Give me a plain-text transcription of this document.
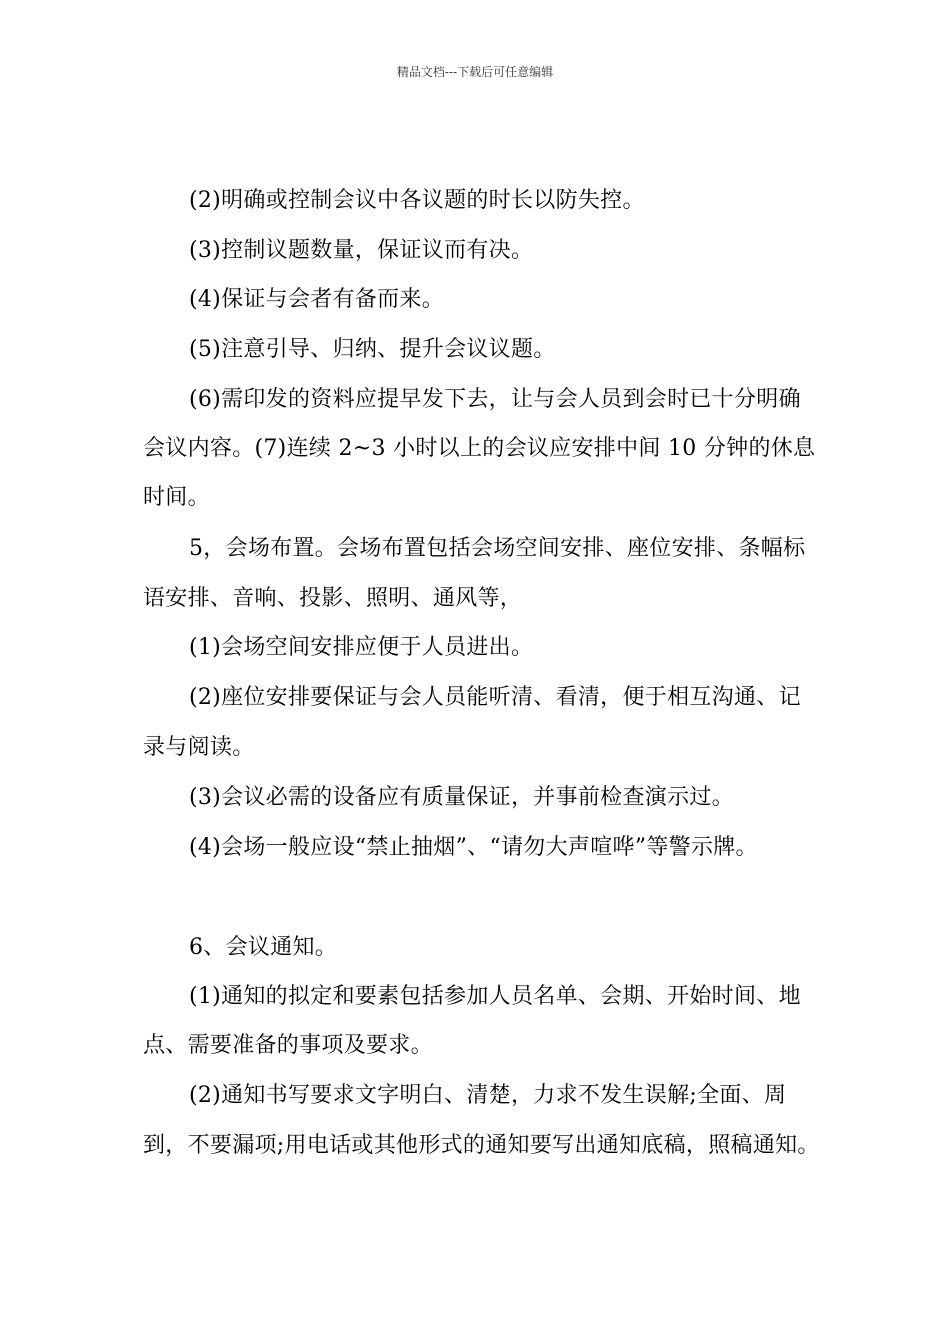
精品文档---下载后可任意编辑
(2)明确或控制会议中各议题的时长以防失控。
(3)控制议题数量，保证议而有决。
(4)保证与会者有备而来。
(5)注意引导、归纳、提升会议议题。
(6)需印发的资料应提早发下去，让与会人员到会时已十分明确
会议内容。(7)连续 2~3 小时以上的会议应安排中间 10 分钟的休息
时间。
5，会场布置。会场布置包括会场空间安排、座位安排、条幅标
语安排、音响、投影、照明、通风等，
(1)会场空间安排应便于人员进出。
(2)座位安排要保证与会人员能听清、看清，便于相互沟通、记
录与阅读。
(3)会议必需的设备应有质量保证，并事前检查演示过。
(4)会场一般应设“禁止抽烟”、“请勿大声喧哗”等警示牌。
6、会议通知。
(1)通知的拟定和要素包括参加人员名单、会期、开始时间、地
点、需要准备的事项及要求。
(2)通知书写要求文字明白、清楚，力求不发生误解;全面、周
到，不要漏项;用电话或其他形式的通知要写出通知底稿，照稿通知。
